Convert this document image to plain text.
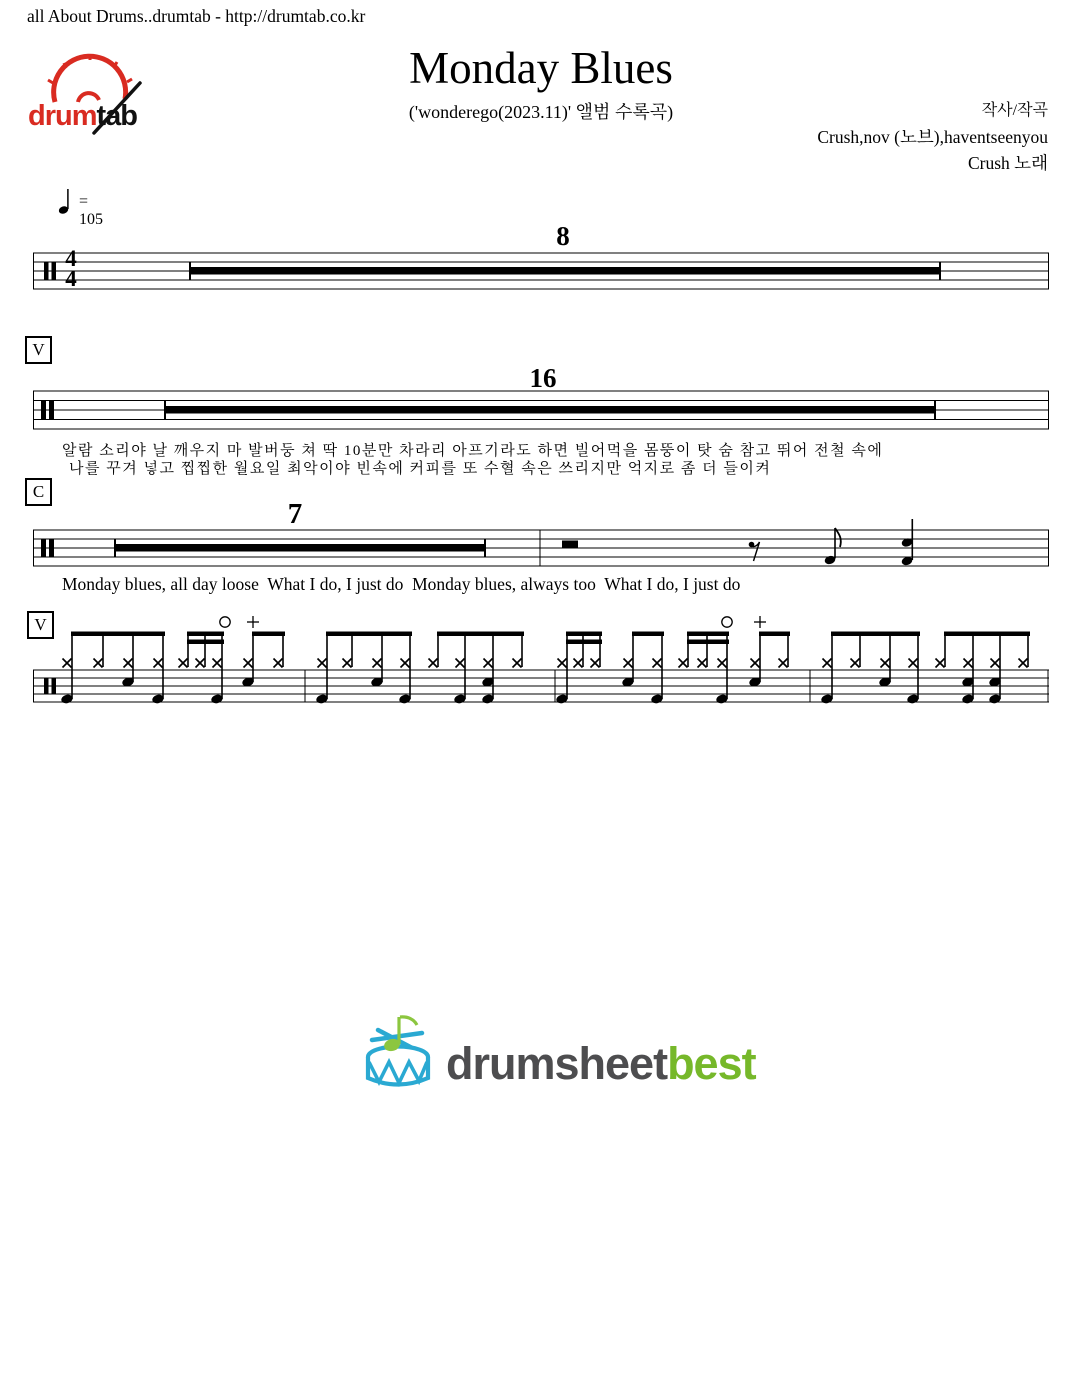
all About Drums..drumtab - http://drumtab.co.kr
drumtab
Monday Blues
('wonderego(2023.11)' 앨범 수록곡)	작사/작곡
Crush,nov (노브),haventseenyou
Crush 노래
= 105
8
4
4
V
16
알람 소리야 날 깨우지 마 발버둥 쳐 딱 10분만 차라리 아프기라도 하면 빌어먹을 몸뚱이 탓 숨 참고 뛰어 전철 속에
나를 꾸겨 넣고 찝찝한 월요일 최악이야 빈속에 커피를 또 수혈 속은 쓰리지만 억지로 좀 더 들이켜
C
7
Monday blues, all day loose  What I do, I just do  Monday blues, always too  What I do, I just do
V
drumsheetbest
